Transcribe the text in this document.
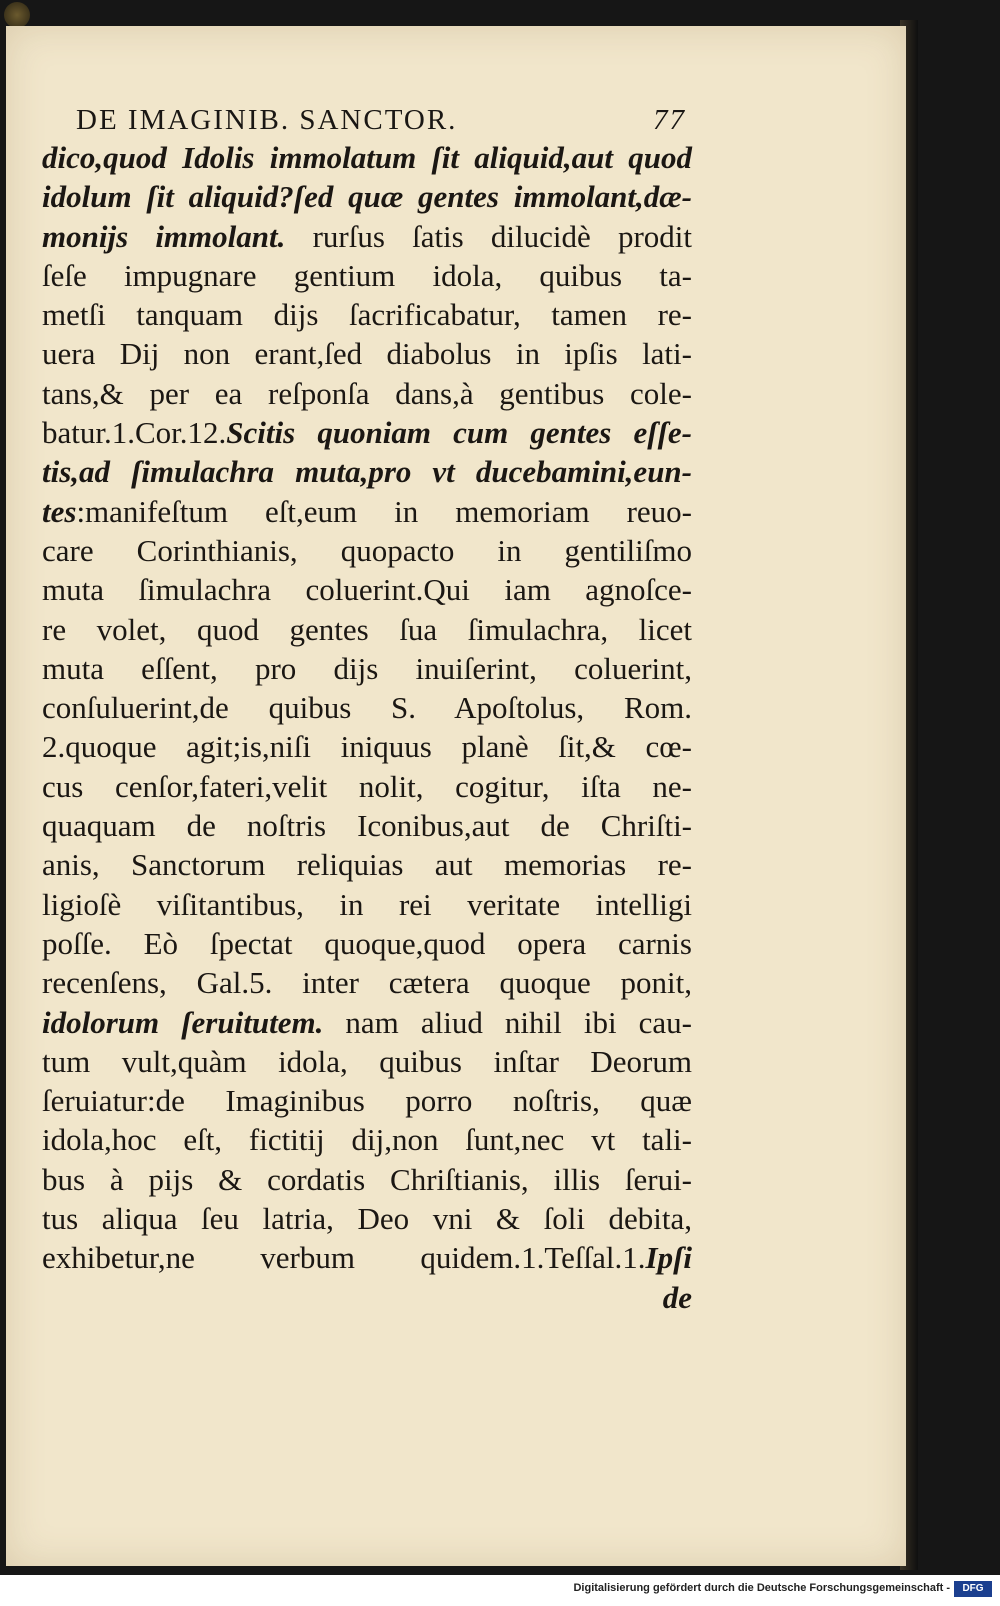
DE IMAGINIB. SANCTOR.	77
dico,quod Idolis immolatum ſit aliquid,aut quod
idolum ſit aliquid?ſed quæ gentes immolant,dæ-
monijs immolant. rurſus ſatis dilucidè prodit
ſeſe impugnare gentium idola, quibus ta-
metſi tanquam dijs ſacrificabatur, tamen re-
uera Dij non erant,ſed diabolus in ipſis lati-
tans,& per ea reſponſa dans,à gentibus cole-
batur.1.Cor.12.Scitis quoniam cum gentes eſſe-
tis,ad ſimulachra muta,pro vt ducebamini,eun-
tes:manifeſtum eſt,eum in memoriam reuo-
care Corinthianis, quopacto in gentiliſmo
muta ſimulachra coluerint.Qui iam agnoſce-
re volet, quod gentes ſua ſimulachra, licet
muta eſſent, pro dijs inuiſerint, coluerint,
conſuluerint,de quibus S. Apoſtolus, Rom.
2.quoque agit;is,niſi iniquus planè ſit,& cœ-
cus cenſor,fateri,velit nolit, cogitur, iſta ne-
quaquam de noſtris Iconibus,aut de Chriſti-
anis, Sanctorum reliquias aut memorias re-
ligioſè viſitantibus, in rei veritate intelligi
poſſe. Eò ſpectat quoque,quod opera carnis
recenſens, Gal.5. inter cætera quoque ponit,
idolorum ſeruitutem. nam aliud nihil ibi cau-
tum vult,quàm idola, quibus inſtar Deorum
ſeruiatur:de Imaginibus porro noſtris, quæ
idola,hoc eſt, fictitij dij,non ſunt,nec vt tali-
bus à pijs & cordatis Chriſtianis, illis ſerui-
tus aliqua ſeu latria, Deo vni & ſoli debita,
exhibetur,ne verbum quidem.1.Teſſal.1.Ipſi
de
Digitalisierung gefördert durch die Deutsche Forschungsgemeinschaft -	DFG
